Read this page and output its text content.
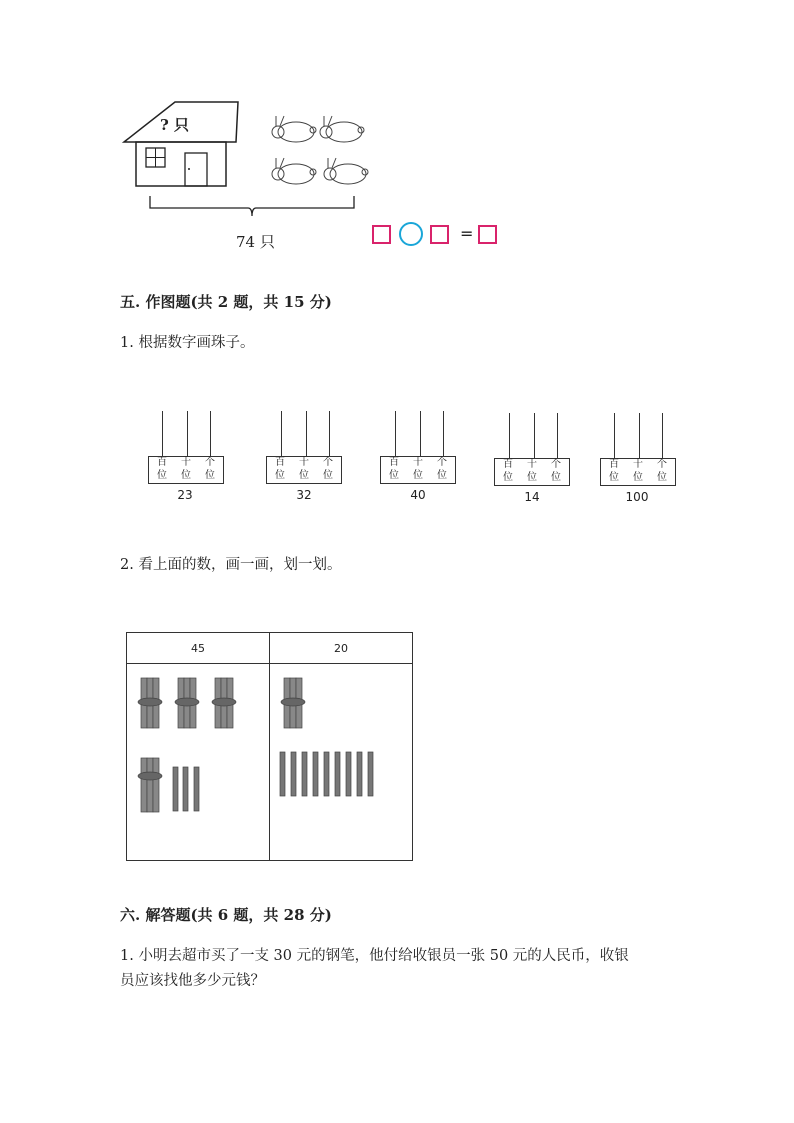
? 只
74 只	=
五. 作图题(共 2 题，共 15 分)
1. 根据数字画珠子。
百 十 个
位 位 位
23
百 十 个
位 位 位
32
百 十 个
位 位 位
40
百 十 个
位 位 位
14
百 十 个
位 位 位
100
2. 看上面的数，画一画，划一划。
45	20

六. 解答题(共 6 题，共 28 分)
1. 小明去超市买了一支 30 元的钢笔，他付给收银员一张 50 元的人民币，收银
员应该找他多少元钱？
